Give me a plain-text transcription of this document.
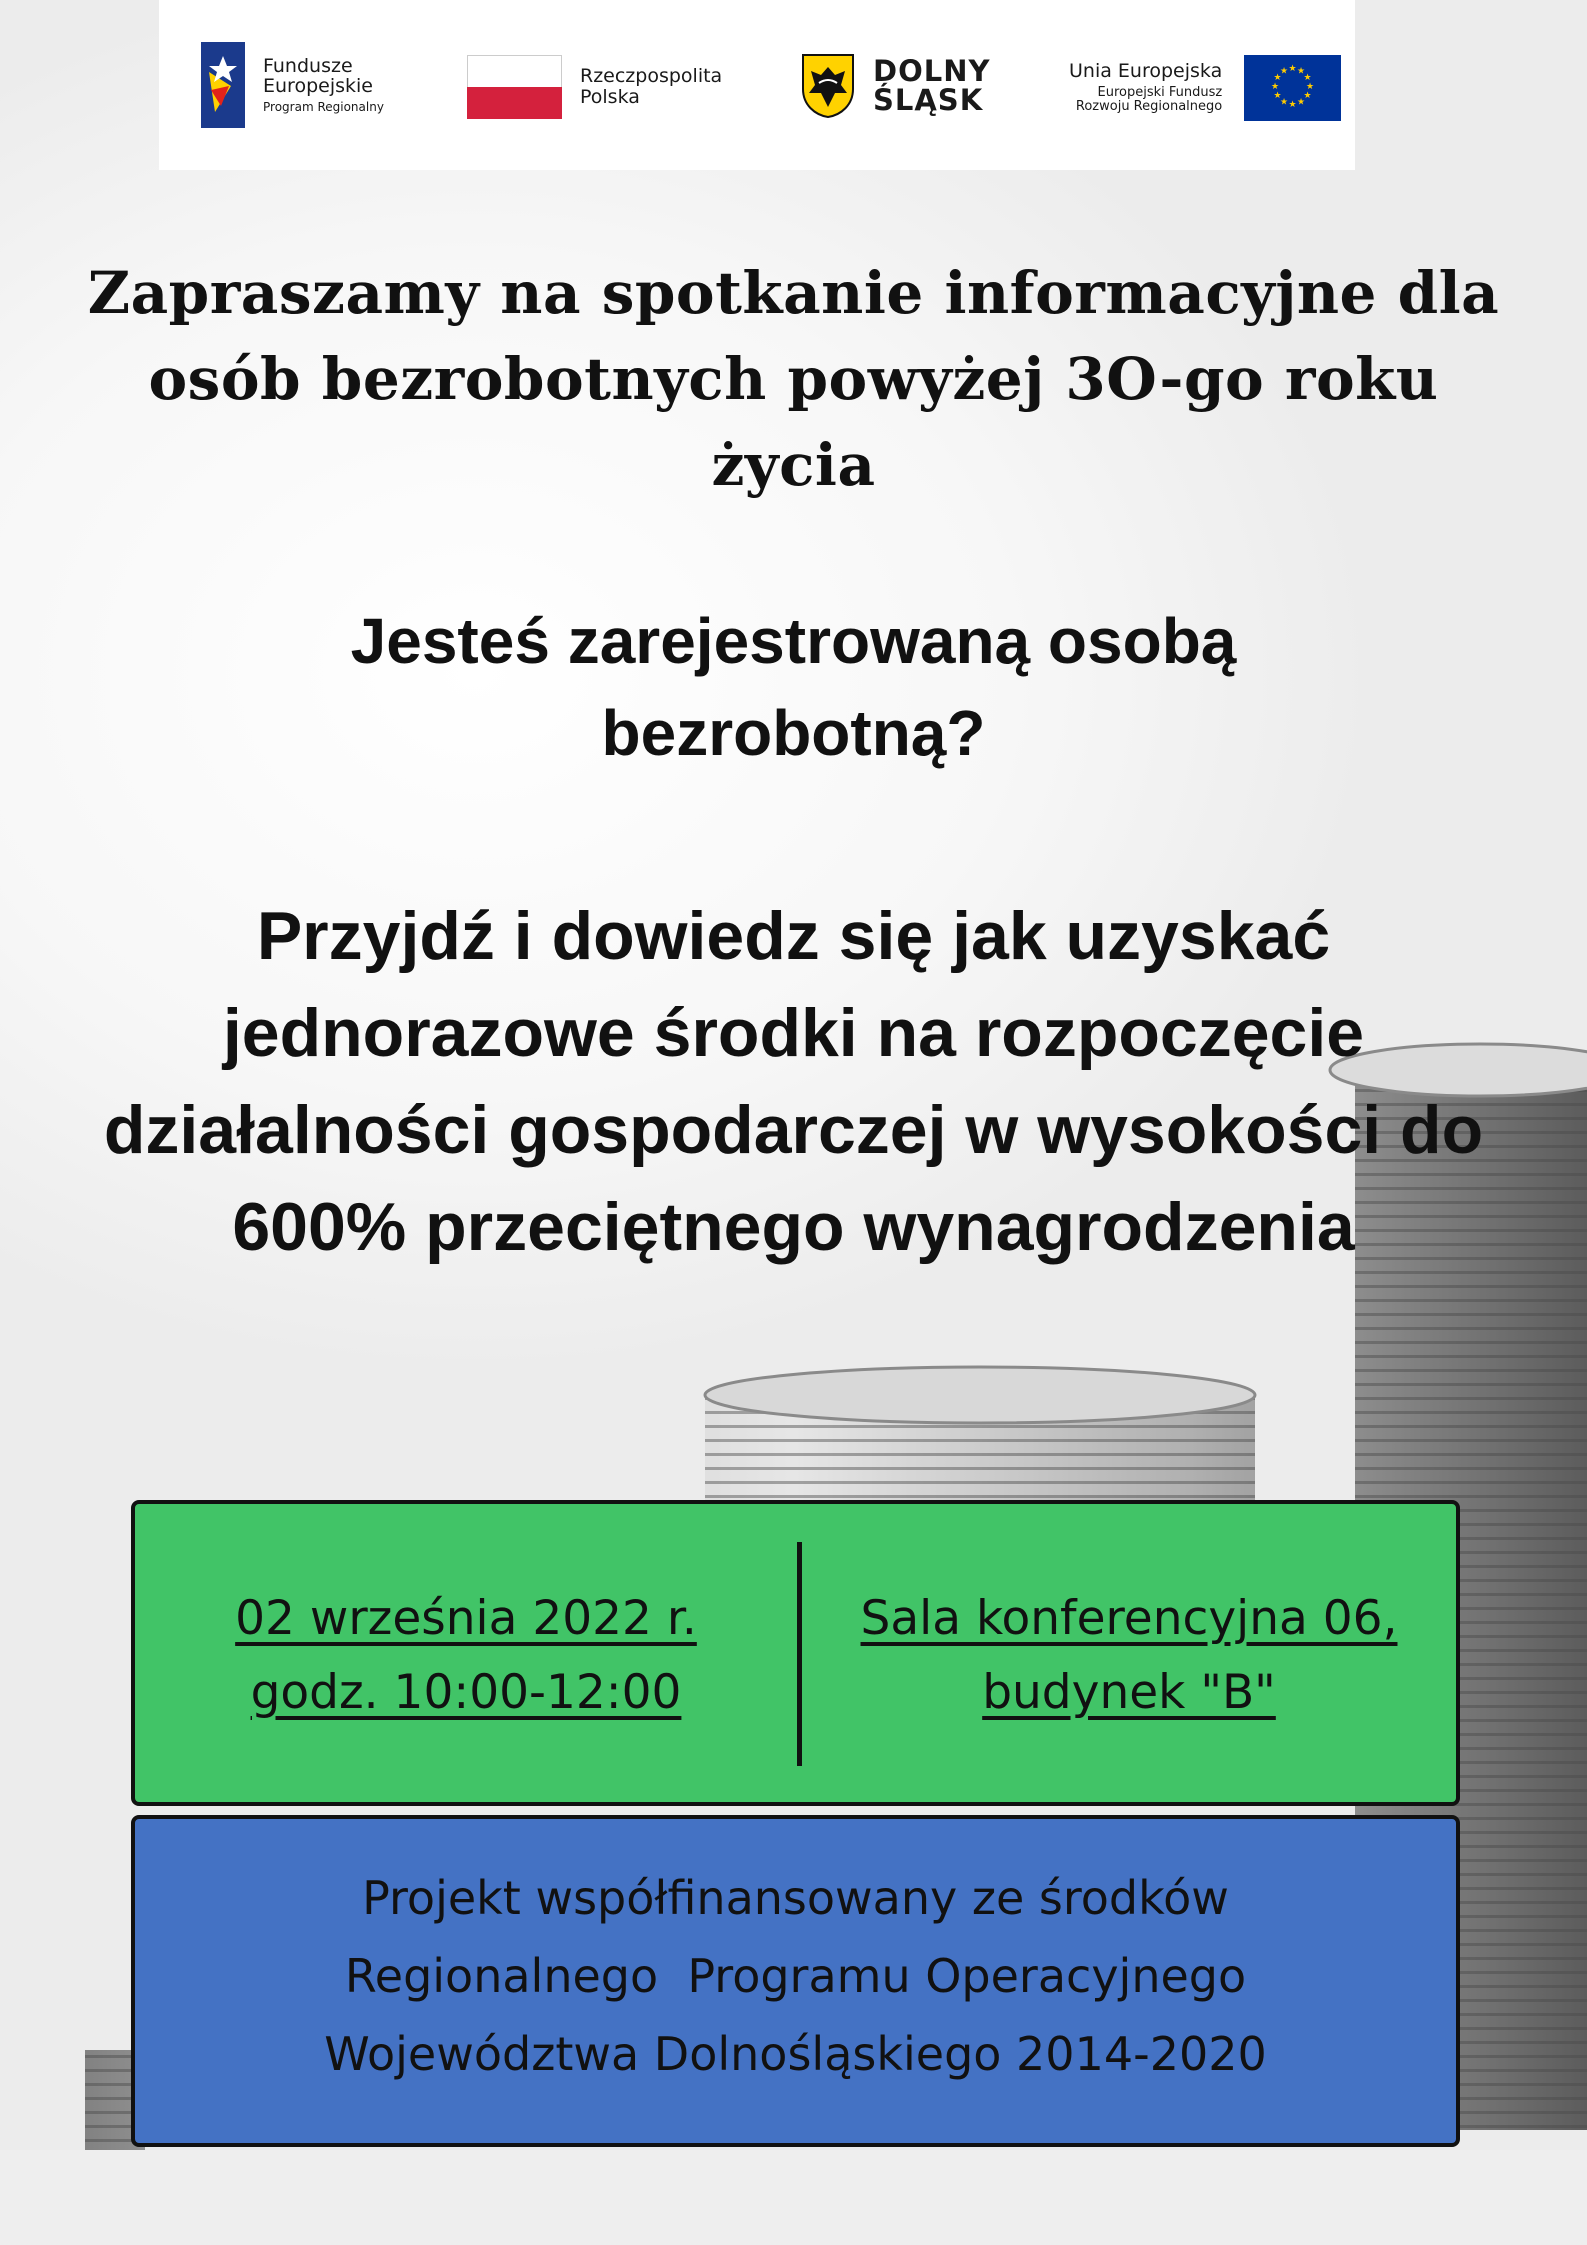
Fundusze
Europejskie
Program Regionalny
Rzeczpospolita
Polska
DOLNY
ŚLĄSK
Unia Europejska
Europejski Fundusz
Rozwoju Regionalnego
★ ★
★
★
★
★
★
★
★
★
★
★
Zapraszamy na spotkanie informacyjne dla
osób bezrobotnych powyżej 3O-go roku
życia
Jesteś zarejestrowaną osobą
bezrobotną?
Przyjdź i dowiedz się jak uzyskać
jednorazowe środki na rozpoczęcie
działalności gospodarczej w wysokości do
600% przeciętnego wynagrodzenia
02 września 2022 r.
godz. 10:00-12:00
Sala konferencyjna 06,
budynek "B"
Projekt współfinansowany ze środków
Regionalnego  Programu Operacyjnego
Województwa Dolnośląskiego 2014-2020
